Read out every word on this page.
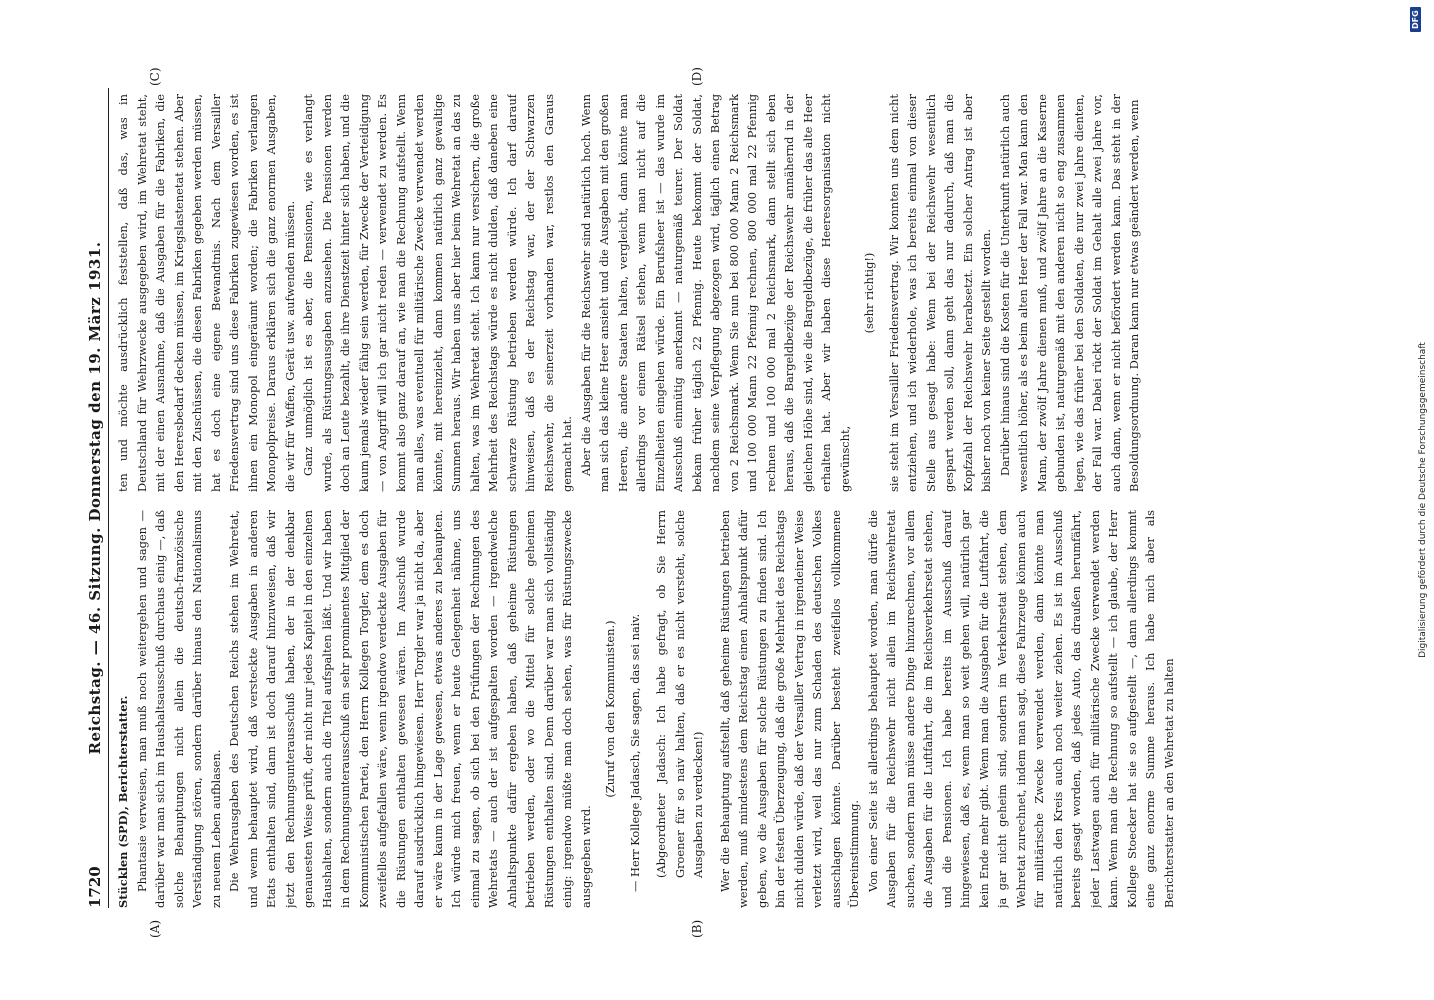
1720
Reichstag. — 46. Sitzung. Donnerstag den 19. März 1931.
(A)	(B)
(C)	(D)

Stücklen (SPD), Berichterstatter. Phantasie verweisen, man muß noch weitergehen und sagen — darüber war man sich im Haushaltsausschuß durchaus einig —, daß solche Behauptungen nicht allein die deutsch-französische Verständigung stören, sondern darüber hinaus den Nationalismus zu neuem Leben aufblasen. Die Wehrausgaben des Deutschen Reichs stehen im Wehretat, und wenn behauptet wird, daß versteckte Ausgaben in anderen Etats enthalten sind, dann ist doch darauf hinzuweisen, daß wir jetzt den Rechnungsunterausschuß haben, der in der denkbar genauesten Weise prüft, der nicht nur jedes Kapitel in den einzelnen Haushalten, sondern auch die Titel aufspalten läßt. Und wir haben in dem Rechnungsunterausschuß ein sehr prominentes Mitglied der Kommunistischen Partei, den Herrn Kollegen Torgler, dem es doch zweifellos aufgefallen wäre, wenn irgendwo verdeckte Ausgaben für die Rüstungen enthalten gewesen wären. Im Ausschuß wurde darauf ausdrücklich hingewiesen. Herr Torgler war ja nicht da, aber er wäre kaum in der Lage gewesen, etwas anderes zu behaupten. Ich würde mich freuen, wenn er heute Gelegenheit nähme, uns einmal zu sagen, ob sich bei den Prüfungen der Rechnungen des Wehretats — auch der ist aufgespalten worden — irgendwelche Anhaltspunkte dafür ergeben haben, daß geheime Rüstungen betrieben werden, oder wo die Mittel für solche geheimen Rüstungen enthalten sind. Denn darüber war man sich vollständig einig: irgendwo müßte man doch sehen, was für Rüstungszwecke ausgegeben wird.

(Zuruf von den Kommunisten.) — Herr Kollege Jadasch, Sie sagen, das sei naiv. (Abgeordneter Jadasch: Ich habe gefragt, ob Sie Herrn Groener für so naiv halten, daß er es nicht versteht, solche Ausgaben zu verdecken!) Wer die Behauptung aufstellt, daß geheime Rüstungen betrieben werden, muß mindestens dem Reichstag einen Anhaltspunkt dafür geben, wo die Ausgaben für solche Rüstungen zu finden sind. Ich bin der festen Überzeugung, daß die große Mehrheit des Reichstags nicht dulden würde, daß der Versailler Vertrag in irgendeiner Weise verletzt wird, weil das nur zum Schaden des deutschen Volkes ausschlagen könnte. Darüber besteht zweifellos vollkommene Übereinstimmung. Von einer Seite ist allerdings behauptet worden, man dürfe die Ausgaben für die Reichswehr nicht allein im Reichswehretat suchen, sondern man müsse andere Dinge hinzurechnen, vor allem die Ausgaben für die Luftfahrt, die im Reichsverkehrsetat stehen, und die Pensionen. Ich habe bereits im Ausschuß darauf hingewiesen, daß es, wenn man so weit gehen will, natürlich gar kein Ende mehr gibt. Wenn man die Ausgaben für die Luftfahrt, die ja gar nicht geheim sind, sondern im Verkehrsetat stehen, dem Wehretat zurechnet, indem man sagt, diese Fahrzeuge können auch für militärische Zwecke verwendet werden, dann könnte man natürlich den Kreis auch noch weiter ziehen. Es ist im Ausschuß bereits gesagt worden, daß jedes Auto, das draußen herumfährt, jeder Lastwagen auch für militärische Zwecke verwendet werden kann. Wenn man die Rechnung so aufstellt — ich glaube, der Herr Kollege Stoecker hat sie so aufgestellt —, dann allerdings kommt eine ganz enorme Summe heraus. Ich habe mich aber als Berichterstatter an den Wehretat zu halten

ten und möchte ausdrücklich feststellen, daß das, was in Deutschland für Wehrzwecke ausgegeben wird, im Wehretat steht, mit der einen Ausnahme, daß die Ausgaben für die Fabriken, die den Heeresbedarf decken müssen, im Kriegslastenetat stehen. Aber mit den Zuschüssen, die diesen Fabriken gegeben werden müssen, hat es doch eine eigene Bewandtnis. Nach dem Versailler Friedensvertrag sind uns diese Fabriken zugewiesen worden, es ist ihnen ein Monopol eingeräumt worden; die Fabriken verlangen Monopolpreise. Daraus erklären sich die ganz enormen Ausgaben, die wir für Waffen, Gerät usw. aufwenden müssen. Ganz unmöglich ist es aber, die Pensionen, wie es verlangt wurde, als Rüstungsausgaben anzusehen. Die Pensionen werden doch an Leute bezahlt, die ihre Dienstzeit hinter sich haben, und die kaum jemals wieder fähig sein werden, für Zwecke der Verteidigung — von Angriff will ich gar nicht reden — verwendet zu werden. Es kommt also ganz darauf an, wie man die Rechnung aufstellt. Wenn man alles, was eventuell für militärische Zwecke verwendet werden könnte, mit hereinzieht, dann kommen natürlich ganz gewaltige Summen heraus. Wir haben uns aber hier beim Wehretat an das zu halten, was im Wehretat steht. Ich kann nur versichern, die große Mehrheit des Reichstags würde es nicht dulden, daß daneben eine schwarze Rüstung betrieben werden würde. Ich darf darauf hinweisen, daß es der Reichstag war, der der Schwarzen Reichswehr, die seinerzeit vorhanden war, restlos den Garaus gemacht hat. Aber die Ausgaben für die Reichswehr sind natürlich hoch. Wenn man sich das kleine Heer ansieht und die Ausgaben mit den großen Heeren, die andere Staaten halten, vergleicht, dann könnte man allerdings vor einem Rätsel stehen, wenn man nicht auf die Einzelheiten eingehen würde. Ein Berufsheer ist — das wurde im Ausschuß einmütig anerkannt — naturgemäß teurer. Der Soldat bekam früher täglich 22 Pfennig. Heute bekommt der Soldat, nachdem seine Verpflegung abgezogen wird, täglich einen Betrag von 2 Reichsmark. Wenn Sie nun bei 800 000 Mann 2 Reichsmark und 100 000 Mann 22 Pfennig rechnen, 800 000 mal 22 Pfennig rechnen und 100 000 mal 2 Reichsmark, dann stellt sich eben heraus, daß die Bargeldbezüge der Reichswehr annähernd in der gleichen Höhe sind, wie die Bargeldbezüge, die früher das alte Heer erhalten hat. Aber wir haben diese Heeresorganisation nicht gewünscht,

(sehr richtig!) sie steht im Versailler Friedensvertrag. Wir konnten uns dem nicht entziehen, und ich wiederhole, was ich bereits einmal von dieser Stelle aus gesagt habe: Wenn bei der Reichswehr wesentlich gespart werden soll, dann geht das nur dadurch, daß man die Kopfzahl der Reichswehr herabsetzt. Ein solcher Antrag ist aber bisher noch von keiner Seite gestellt worden. Darüber hinaus sind die Kosten für die Unterkunft natürlich auch wesentlich höher, als es beim alten Heer der Fall war. Man kann den Mann, der zwölf Jahre dienen muß, und zwölf Jahre an die Kaserne gebunden ist, naturgemäß mit den anderen nicht so eng zusammen legen, wie das früher bei den Soldaten, die nur zwei Jahre dienten, der Fall war. Dabei rückt der Soldat im Gehalt alle zwei Jahre vor, auch dann, wenn er nicht befördert werden kann. Das steht in der Besoldungsordnung. Daran kann nur etwas geändert werden, wenn

Digitalisierung gefördert durch die Deutsche Forschungsgemeinschaft
DFG
